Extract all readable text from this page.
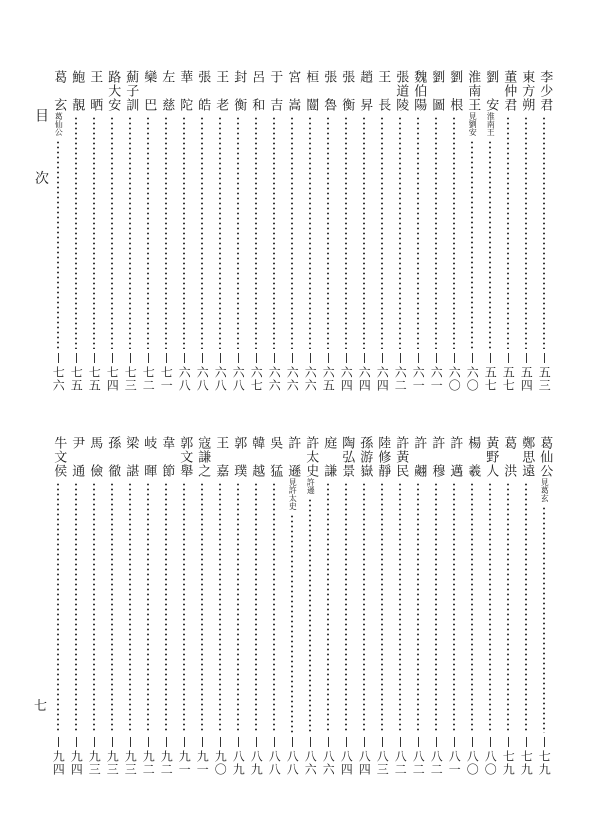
目 次
七
李少君
五三
東方朔
五四
董仲君
五七
劉　安淮南王
五七
淮南王見劉安
六〇
劉　根
六〇
劉　圖
六一
魏伯陽
六一
張道陵
六二
王　長
六四
趙　昇
六四
張　衡
六四
張　魯
六五
桓　闓
六六
宮　嵩
六六
于　吉
六六
呂　和
六七
封　衡
六八
王　老
六八
張　皓
六八
華　陀
六八
左　慈
七一
欒　巴
七二
薊子訓
七三
路大安
七四
王　晒
七五
鮑　靚
七五
葛　玄葛仙公
七六
葛仙公見葛玄
七九
鄭思遠
七九
葛　洪
七九
黃野人
八〇
楊　羲
八〇
許　邁
八一
許　穆
八二
許　翽
八二
許黃民
八二
陸修靜
八三
孫游嶽
八四
陶弘景
八四
庭　謙
八六
許太史許遜
八六
許　遜見許太史
八八
吳　猛
八八
韓　越
八九
郭　璞
八九
王　嘉
九〇
寇謙之
九一
郭文舉
九一
韋　節
九二
岐　暉
九二
梁　諶
九三
孫　徹
九三
馬　儉
九三
尹　通
九四
牛文侯
九四
